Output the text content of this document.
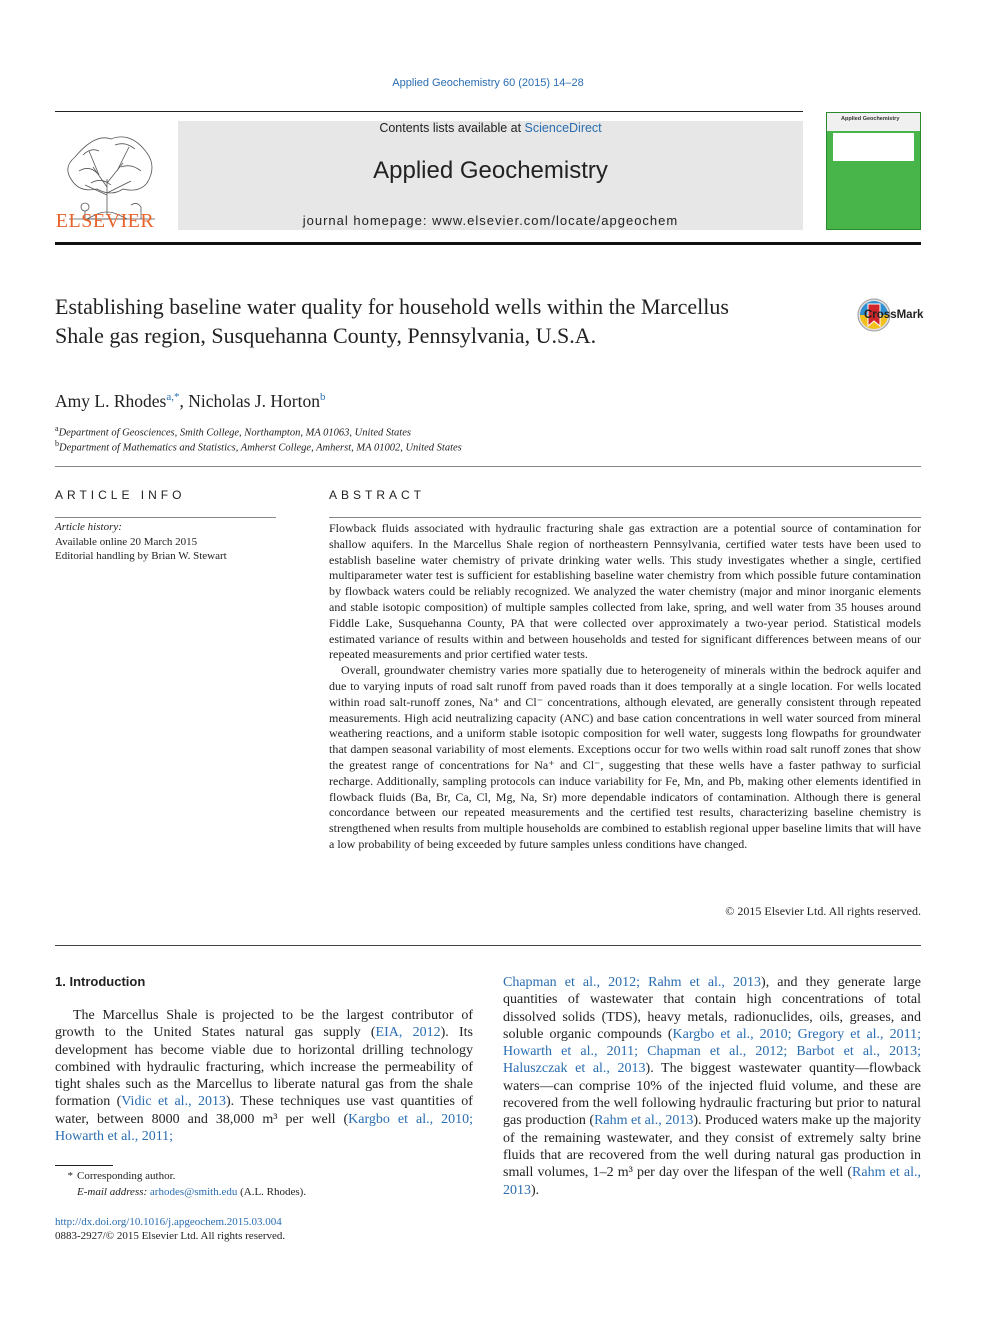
Applied Geochemistry 60 (2015) 14–28
ELSEVIER
Contents lists available at ScienceDirect
Applied Geochemistry
journal homepage: www.elsevier.com/locate/apgeochem
Applied Geochemistry
Establishing baseline water quality for household wells within the Marcellus Shale gas region, Susquehanna County, Pennsylvania, U.S.A.
CrossMark
Amy L. Rhodes$^{a,*}$, Nicholas J. Horton$^b$
$^a$Department of Geosciences, Smith College, Northampton, MA 01063, United States
$^b$Department of Mathematics and Statistics, Amherst College, Amherst, MA 01002, United States
ARTICLE INFO
Article history:
Available online 20 March 2015
Editorial handling by Brian W. Stewart
ABSTRACT

Flowback fluids associated with hydraulic fracturing shale gas extraction are a potential source of contamination for shallow aquifers. In the Marcellus Shale region of northeastern Pennsylvania, certified water tests have been used to establish baseline water chemistry of private drinking water wells. This study investigates whether a single, certified multiparameter water test is sufficient for establishing baseline water chemistry from which possible future contamination by flowback waters could be reliably recognized. We analyzed the water chemistry (major and minor inorganic elements and stable isotopic composition) of multiple samples collected from lake, spring, and well water from 35 houses around Fiddle Lake, Susquehanna County, PA that were collected over approximately a two-year period. Statistical models estimated variance of results within and between households and tested for significant differences between means of our repeated measurements and prior certified water tests.

Overall, groundwater chemistry varies more spatially due to heterogeneity of minerals within the bedrock aquifer and due to varying inputs of road salt runoff from paved roads than it does temporally at a single location. For wells located within road salt-runoff zones, Na⁺ and Cl⁻ concentrations, although elevated, are generally consistent through repeated measurements. High acid neutralizing capacity (ANC) and base cation concentrations in well water sourced from mineral weathering reactions, and a uniform stable isotopic composition for well water, suggests long flowpaths for groundwater that dampen seasonal variability of most elements. Exceptions occur for two wells within road salt runoff zones that show the greatest range of concentrations for Na⁺ and Cl⁻, suggesting that these wells have a faster pathway to surficial recharge. Additionally, sampling protocols can induce variability for Fe, Mn, and Pb, making other elements identified in flowback fluids (Ba, Br, Ca, Cl, Mg, Na, Sr) more dependable indicators of contamination. Although there is general concordance between our repeated measurements and the certified test results, characterizing baseline chemistry is strengthened when results from multiple households are combined to establish regional upper baseline limits that will have a low probability of being exceeded by future samples unless conditions have changed.

© 2015 Elsevier Ltd. All rights reserved.
1. Introduction

The Marcellus Shale is projected to be the largest contributor of growth to the United States natural gas supply (EIA, 2012). Its development has become viable due to horizontal drilling technology combined with hydraulic fracturing, which increase the permeability of tight shales such as the Marcellus to liberate natural gas from the shale formation (Vidic et al., 2013). These techniques use vast quantities of water, between 8000 and 38,000 m³ per well (Kargbo et al., 2010; Howarth et al., 2011;

Chapman et al., 2012; Rahm et al., 2013), and they generate large quantities of wastewater that contain high concentrations of total dissolved solids (TDS), heavy metals, radionuclides, oils, greases, and soluble organic compounds (Kargbo et al., 2010; Gregory et al., 2011; Howarth et al., 2011; Chapman et al., 2012; Barbot et al., 2013; Haluszczak et al., 2013). The biggest wastewater quantity—flowback waters—can comprise 10% of the injected fluid volume, and these are recovered from the well following hydraulic fracturing but prior to natural gas production (Rahm et al., 2013). Produced waters make up the majority of the remaining wastewater, and they consist of extremely salty brine fluids that are recovered from the well during natural gas production in small volumes, 1–2 m³ per day over the lifespan of the well (Rahm et al., 2013).

* Corresponding author.
E-mail address: arhodes@smith.edu (A.L. Rhodes).
http://dx.doi.org/10.1016/j.apgeochem.2015.03.004
0883-2927/© 2015 Elsevier Ltd. All rights reserved.
